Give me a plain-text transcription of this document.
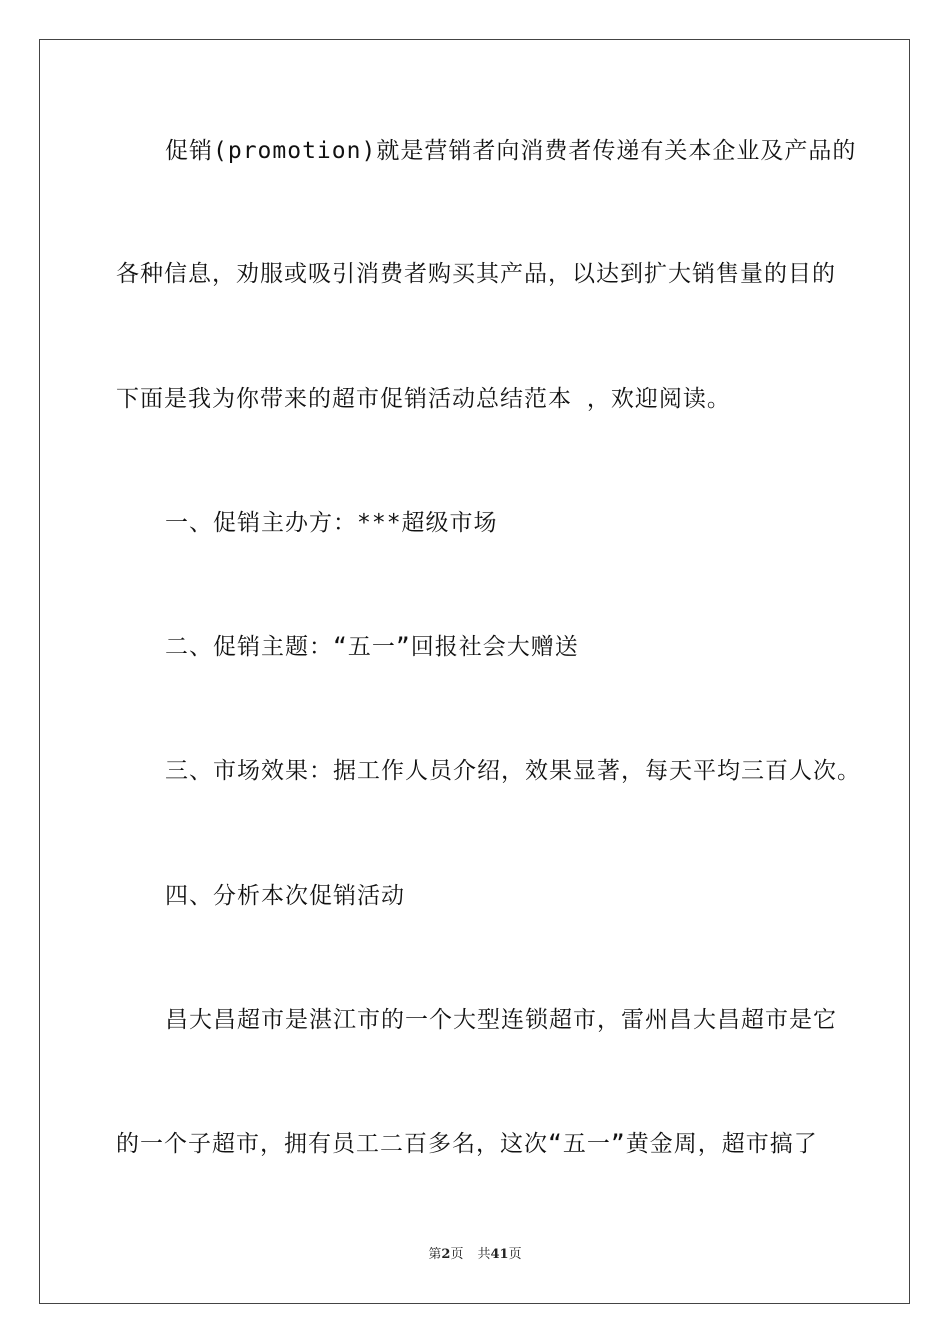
促销(promotion)就是营销者向消费者传递有关本企业及产品的
各种信息，劝服或吸引消费者购买其产品，以达到扩大销售量的目的
下面是我为你带来的超市促销活动总结范本 ，欢迎阅读。
一、促销主办方：***超级市场
二、促销主题：“五一”回报社会大赠送
三、市场效果：据工作人员介绍，效果显著，每天平均三百人次。
四、分析本次促销活动
昌大昌超市是湛江市的一个大型连锁超市，雷州昌大昌超市是它
的一个子超市，拥有员工二百多名，这次“五一”黄金周，超市搞了
第2页 共41页
